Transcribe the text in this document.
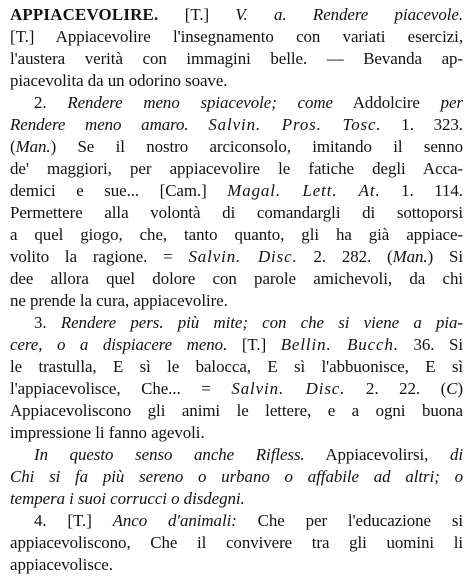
APPIACEVOLIRE. [T.] V. a. Rendere piacevole.

[T.] Appiacevolire l'insegnamento con variati esercizi,

l'austera verità con immagini belle. — Bevanda ap-

piacevolita da un odorino soave.

2. Rendere meno spiacevole; come Addolcire per

Rendere meno amaro. Salvin. Pros. Tosc. 1. 323.

(Man.) Se il nostro arciconsolo, imitando il senno

de' maggiori, per appiacevolire le fatiche degli Acca-

demici e sue... [Cam.] Magal. Lett. At. 1. 114.

Permettere alla volontà di comandargli di sottoporsi

a quel giogo, che, tanto quanto, gli ha già appiace-

volito la ragione. = Salvin. Disc. 2. 282. (Man.) Si

dee allora quel dolore con parole amichevoli, da chi

ne prende la cura, appiacevolire.

3. Rendere pers. più mite; con che si viene a pia-

cere, o a dispiacere meno. [T.] Bellin. Bucch. 36. Si

le trastulla, E sì le balocca, E sì l'abbuonisce, E sì

l'appiacevolisce, Che... = Salvin. Disc. 2. 22. (C)

Appiacevoliscono gli animi le lettere, e a ogni buona

impressione li fanno agevoli.

In questo senso anche Rifless. Appiacevolirsi, di

Chi si fa più sereno o urbano o affabile ad altri; o

tempera i suoi corrucci o disdegni.

4. [T.] Anco d'animali: Che per l'educazione si

appiacevoliscono, Che il convivere tra gli uomini li

appiacevolisce.
